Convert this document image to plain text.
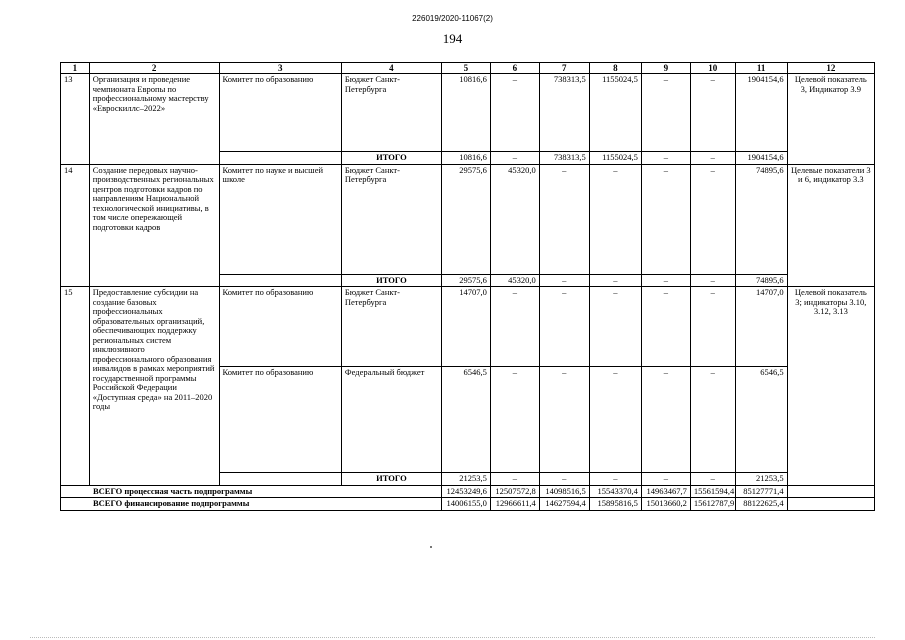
226019/2020-11067(2)
194
1	2	3	4	5	6	7	8	9	10	11	12
13	Организация и проведение чемпионата Европы по профессиональному мастерству «Евроскиллс–2022»	Комитет по образованию	Бюджет Санкт-Петербурга	10816,6	–	738313,5	1155024,5	–	–	1904154,6	Целевой показатель 3, Индикатор 3.9
			ИТОГО	10816,6	–	738313,5	1155024,5	–	–	1904154,6	
14	Создание передовых научно-производственных региональных центров подготовки кадров по направлениям Национальной технологической инициативы, в том числе опережающей подготовки кадров	Комитет по науке и высшей школе	Бюджет Санкт-Петербурга	29575,6	45320,0	–	–	–	–	74895,6	Целевые показатели 3 и 6, индикатор 3.3
			ИТОГО	29575,6	45320,0	–	–	–	–	74895,6	
15	Предоставление субсидии на создание базовых профессиональных образовательных организаций, обеспечивающих поддержку региональных систем инклюзивного профессионального образования инвалидов в рамках мероприятий государственной программы Российской Федерации «Доступная среда» на 2011–2020 годы	Комитет по образованию	Бюджет Санкт-Петербурга	14707,0	–	–	–	–	–	14707,0	Целевой показатель 3; индикаторы 3.10, 3.12, 3.13
		Комитет по образованию	Федеральный бюджет	6546,5	–	–	–	–	–	6546,5	
			ИТОГО	21253,5	–	–	–	–	–	21253,5	
ВСЕГО процессная часть подпрограммы				12453249,6	12507572,8	14098516,5	15543370,4	14963467,7	15561594,4	85127771,4	
ВСЕГО финансирование подпрограммы				14006155,0	12966611,4	14627594,4	15895816,5	15013660,2	15612787,9	88122625,4	
